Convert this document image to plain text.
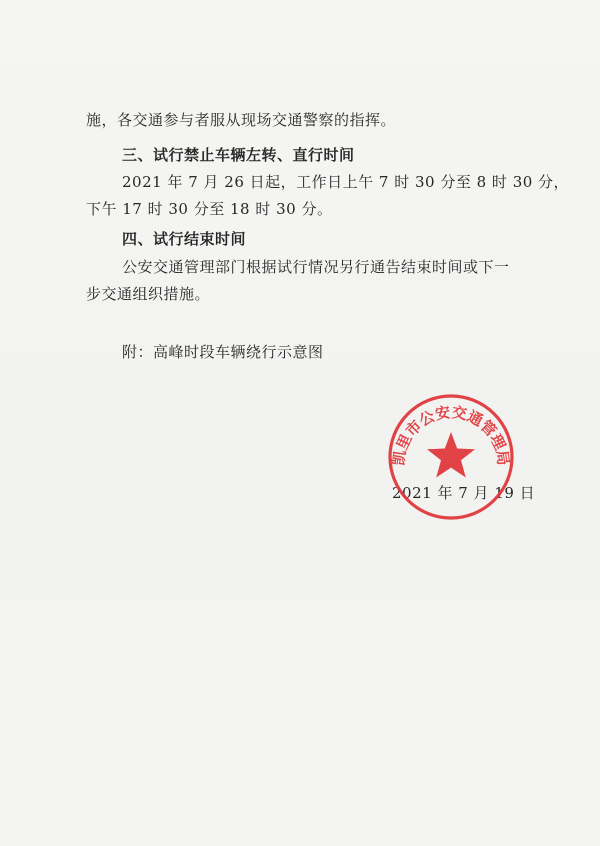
施，各交通参与者服从现场交通警察的指挥。
三、试行禁止车辆左转、直行时间
2021 年 7 月 26 日起，工作日上午 7 时 30 分至 8 时 30 分，
下午 17 时 30 分至 18 时 30 分。
四、试行结束时间
公安交通管理部门根据试行情况另行通告结束时间或下一
步交通组织措施。
附：高峰时段车辆绕行示意图
2021 年 7 月 19 日
凯里市公安交通管理局
